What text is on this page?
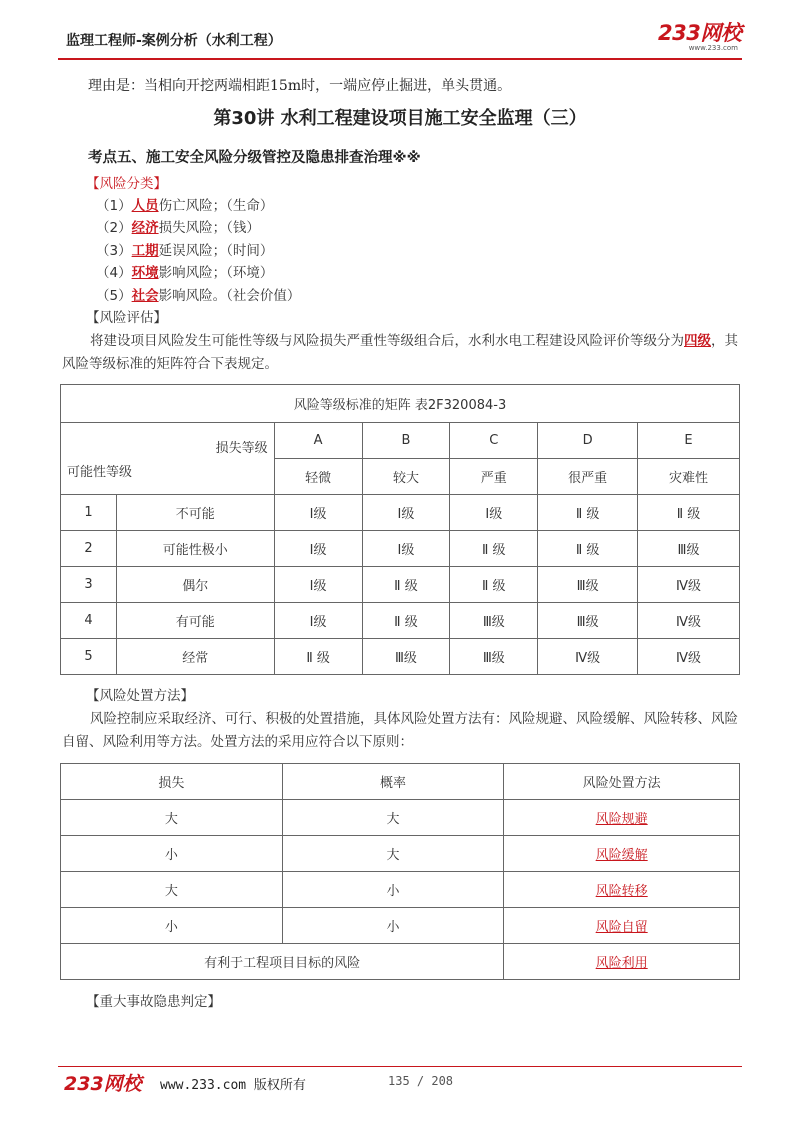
监理工程师-案例分析（水利工程）	233网校
www.233.com
理由是：当相向开挖两端相距15m时，一端应停止掘进，单头贯通。
第30讲 水利工程建设项目施工安全监理（三）
考点五、施工安全风险分级管控及隐患排查治理※※
【风险分类】
（1）人员伤亡风险；（生命）
（2）经济损失风险；（钱）
（3）工期延误风险；（时间）
（4）环境影响风险；（环境）
（5）社会影响风险。（社会价值）
【风险评估】
将建设项目风险发生可能性等级与风险损失严重性等级组合后，水利水电工程建设风险评价等级分为四级，其风险等级标准的矩阵符合下表规定。
风险等级标准的矩阵 表2F320084-3						

损失等级
可能性等级		A	B	C	D	E
		轻微	较大	严重	很严重	灾难性
1	不可能	Ⅰ级	Ⅰ级	Ⅰ级	Ⅱ 级	Ⅱ 级
2	可能性极小	Ⅰ级	Ⅰ级	Ⅱ 级	Ⅱ 级	Ⅲ级
3	偶尔	Ⅰ级	Ⅱ 级	Ⅱ 级	Ⅲ级	Ⅳ级
4	有可能	Ⅰ级	Ⅱ 级	Ⅲ级	Ⅲ级	Ⅳ级
5	经常	Ⅱ 级	Ⅲ级	Ⅲ级	Ⅳ级	Ⅳ级
【风险处置方法】
风险控制应采取经济、可行、积极的处置措施，具体风险处置方法有：风险规避、风险缓解、风险转移、风险自留、风险利用等方法。处置方法的采用应符合以下原则：
损失	概率	风险处置方法
大	大	风险规避
小	大	风险缓解
大	小	风险转移
小	小	风险自留
有利于工程项目目标的风险		风险利用
【重大事故隐患判定】
233网校 www.233.com 版权所有	135 / 208
